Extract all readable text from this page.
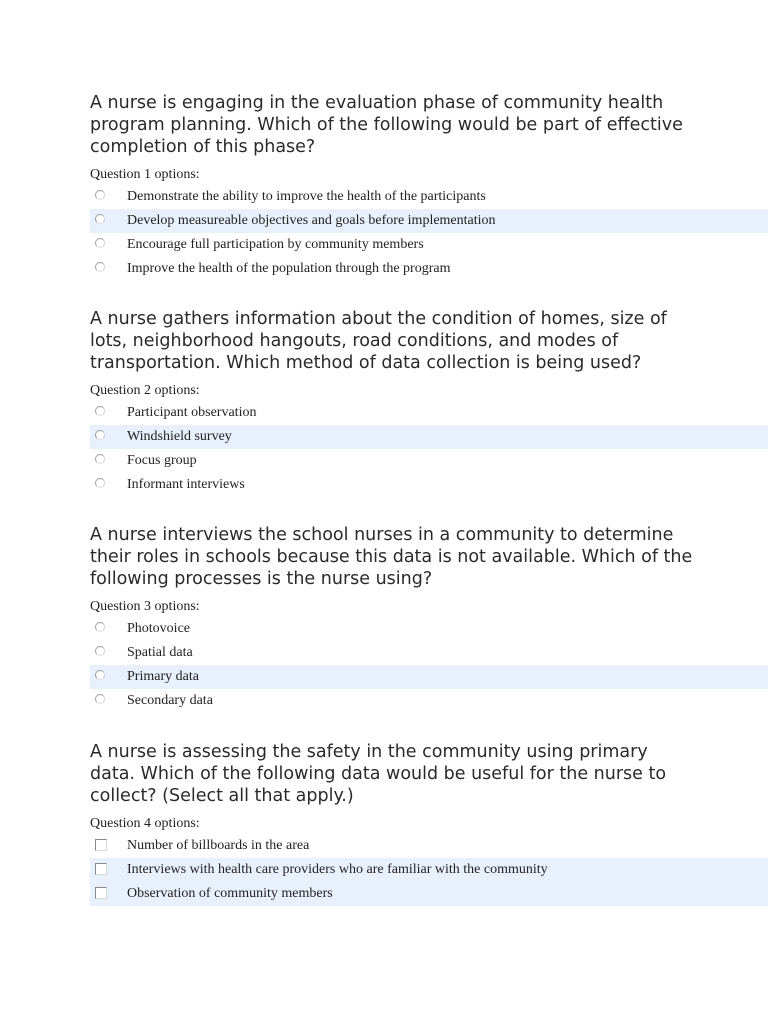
A nurse is engaging in the evaluation phase of community health program planning. Which of the following would be part of effective completion of this phase?

Question 1 options:
Demonstrate the ability to improve the health of the participants
Develop measureable objectives and goals before implementation
Encourage full participation by community members
Improve the health of the population through the program

A nurse gathers information about the condition of homes, size of lots, neighborhood hangouts, road conditions, and modes of transportation. Which method of data collection is being used?

Question 2 options:
Participant observation
Windshield survey
Focus group
Informant interviews

A nurse interviews the school nurses in a community to determine their roles in schools because this data is not available. Which of the following processes is the nurse using?

Question 3 options:
Photovoice
Spatial data
Primary data
Secondary data

A nurse is assessing the safety in the community using primary data. Which of the following data would be useful for the nurse to collect? (Select all that apply.)

Question 4 options:
Number of billboards in the area
Interviews with health care providers who are familiar with the community
Observation of community members
